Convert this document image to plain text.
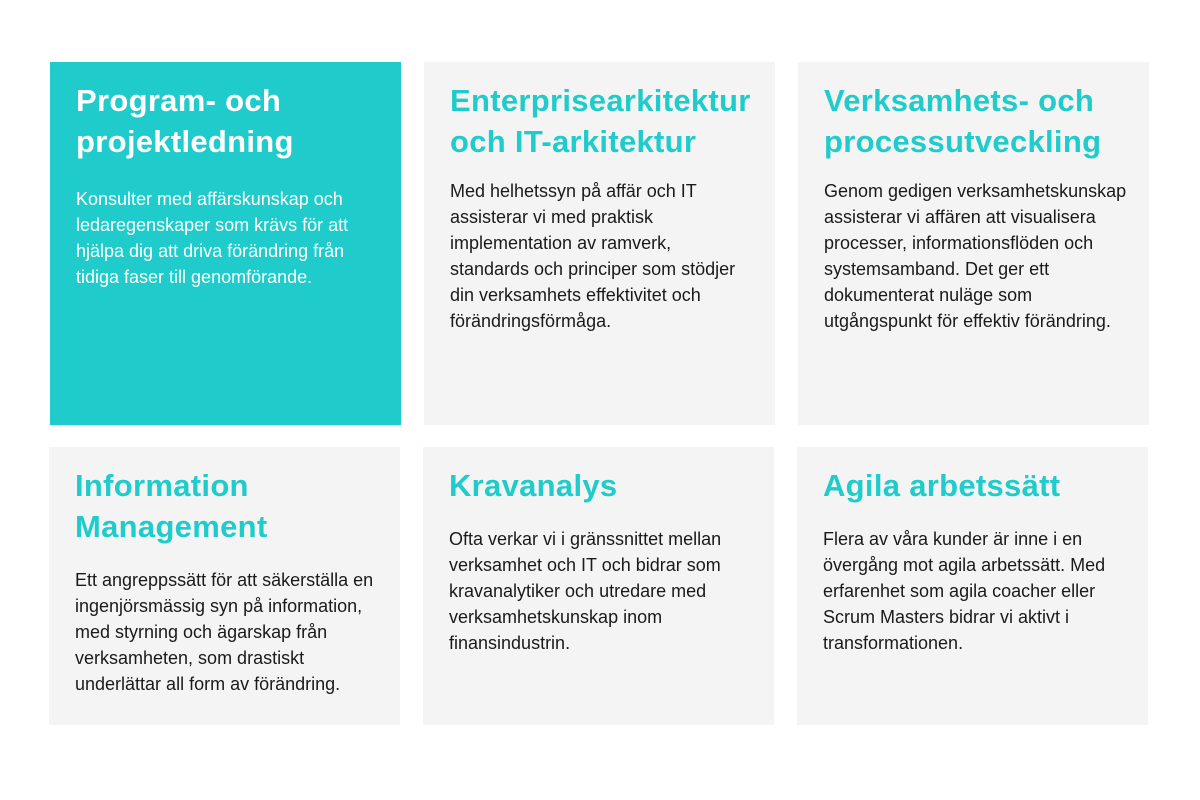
Program- och projektledning

Konsulter med affärskunskap och ledaregenskaper som krävs för att hjälpa dig att driva förändring från tidiga faser till genomförande.

Enterprisearkitektur och IT-arkitektur

Med helhetssyn på affär och IT assisterar vi med praktisk implementation av ramverk, standards och principer som stödjer din verksamhets effektivitet och förändringsförmåga.

Verksamhets- och processutveckling

Genom gedigen verksamhetskunskap assisterar vi affären att visualisera processer, informationsflöden och systemsamband. Det ger ett dokumenterat nuläge som utgångspunkt för effektiv förändring.

Information Management

Ett angreppssätt för att säkerställa en ingenjörsmässig syn på information, med styrning och ägarskap från verksamheten, som drastiskt underlättar all form av förändring.

Kravanalys

Ofta verkar vi i gränssnittet mellan verksamhet och IT och bidrar som kravanalytiker och utredare med verksamhetskunskap inom finansindustrin.

Agila arbetssätt

Flera av våra kunder är inne i en övergång mot agila arbetssätt. Med erfarenhet som agila coacher eller Scrum Masters bidrar vi aktivt i transformationen.
